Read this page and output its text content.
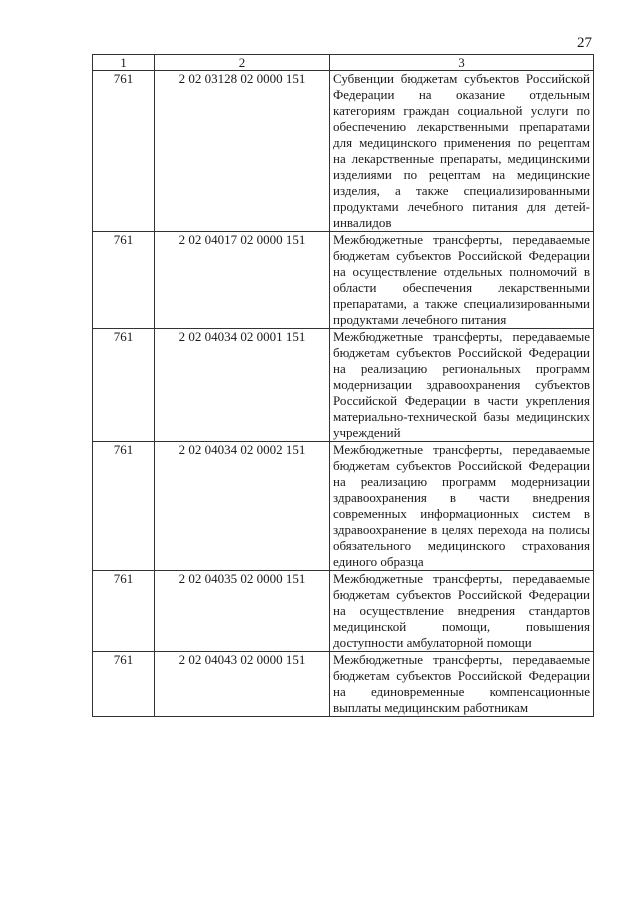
27
1	2	3
761	2 02 03128 02 0000 151	Субвенции бюджетам субъектов Российской Федерации на оказание отдельным категориям граждан социальной услуги по обеспечению лекарственными препаратами для медицинского применения по рецептам на лекарственные препараты, медицинскими изделиями по рецептам на медицинские изделия, а также специализированными продуктами лечебного питания для детей-инвалидов
761	2 02 04017 02 0000 151	Межбюджетные трансферты, передаваемые бюджетам субъектов Российской Федерации на осуществление отдельных полномочий в области обеспечения лекарственными препаратами, а также специализированными продуктами лечебного питания
761	2 02 04034 02 0001 151	Межбюджетные трансферты, передаваемые бюджетам субъектов Российской Федерации на реализацию региональных программ модернизации здравоохранения субъектов Российской Федерации в части укрепления материально-технической базы медицинских учреждений
761	2 02 04034 02 0002 151	Межбюджетные трансферты, передаваемые бюджетам субъектов Российской Федерации на реализацию программ модернизации здравоохранения в части внедрения современных информационных систем в здравоохранение в целях перехода на полисы обязательного медицинского страхования единого образца
761	2 02 04035 02 0000 151	Межбюджетные трансферты, передаваемые бюджетам субъектов Российской Федерации на осуществление внедрения стандартов медицинской помощи, повышения доступности амбулаторной помощи
761	2 02 04043 02 0000 151	Межбюджетные трансферты, передаваемые бюджетам субъектов Российской Федерации на единовременные компенсационные выплаты медицинским работникам
